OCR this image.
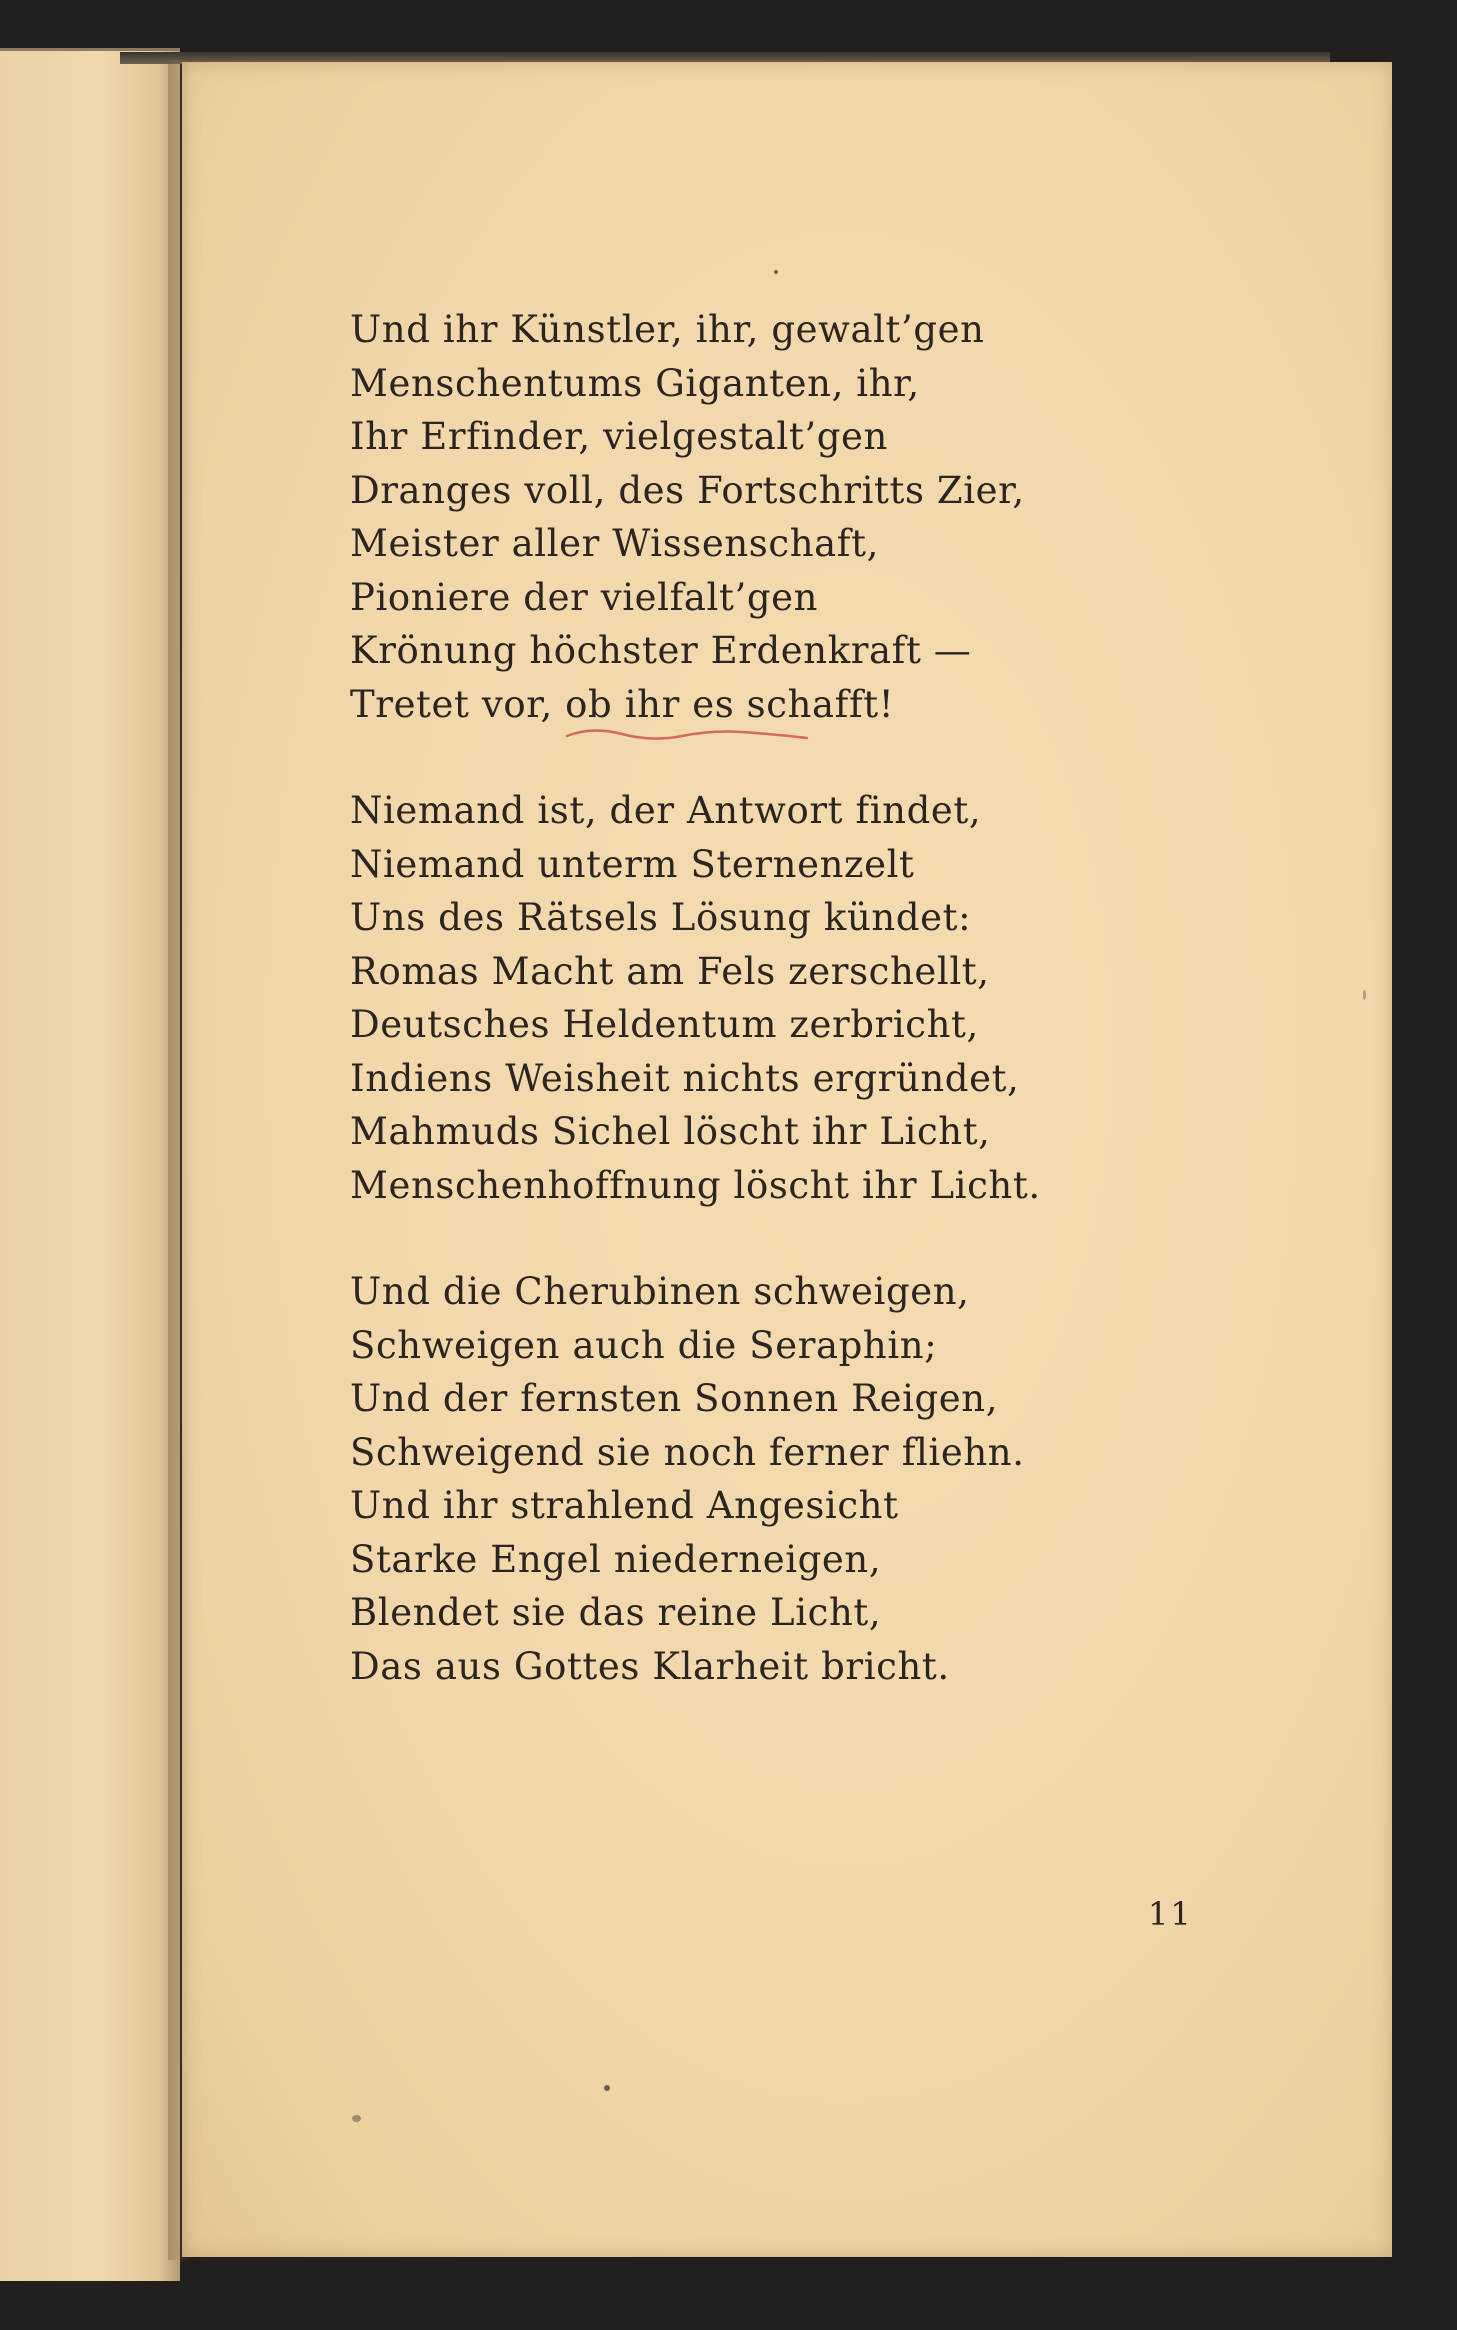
Und ihr Künstler, ihr, gewalt’gen
Menschentums Giganten, ihr,
Ihr Erfinder, vielgestalt’gen
Dranges voll, des Fortschritts Zier,
Meister aller Wissenschaft,
Pioniere der vielfalt’gen
Krönung höchster Erdenkraft —
Tretet vor, ob ihr es schafft!
Niemand ist, der Antwort findet,
Niemand unterm Sternenzelt
Uns des Rätsels Lösung kündet:
Romas Macht am Fels zerschellt,
Deutsches Heldentum zerbricht,
Indiens Weisheit nichts ergründet,
Mahmuds Sichel löscht ihr Licht,
Menschenhoffnung löscht ihr Licht.
Und die Cherubinen schweigen,
Schweigen auch die Seraphin;
Und der fernsten Sonnen Reigen,
Schweigend sie noch ferner fliehn.
Und ihr strahlend Angesicht
Starke Engel niederneigen,
Blendet sie das reine Licht,
Das aus Gottes Klarheit bricht.
11
